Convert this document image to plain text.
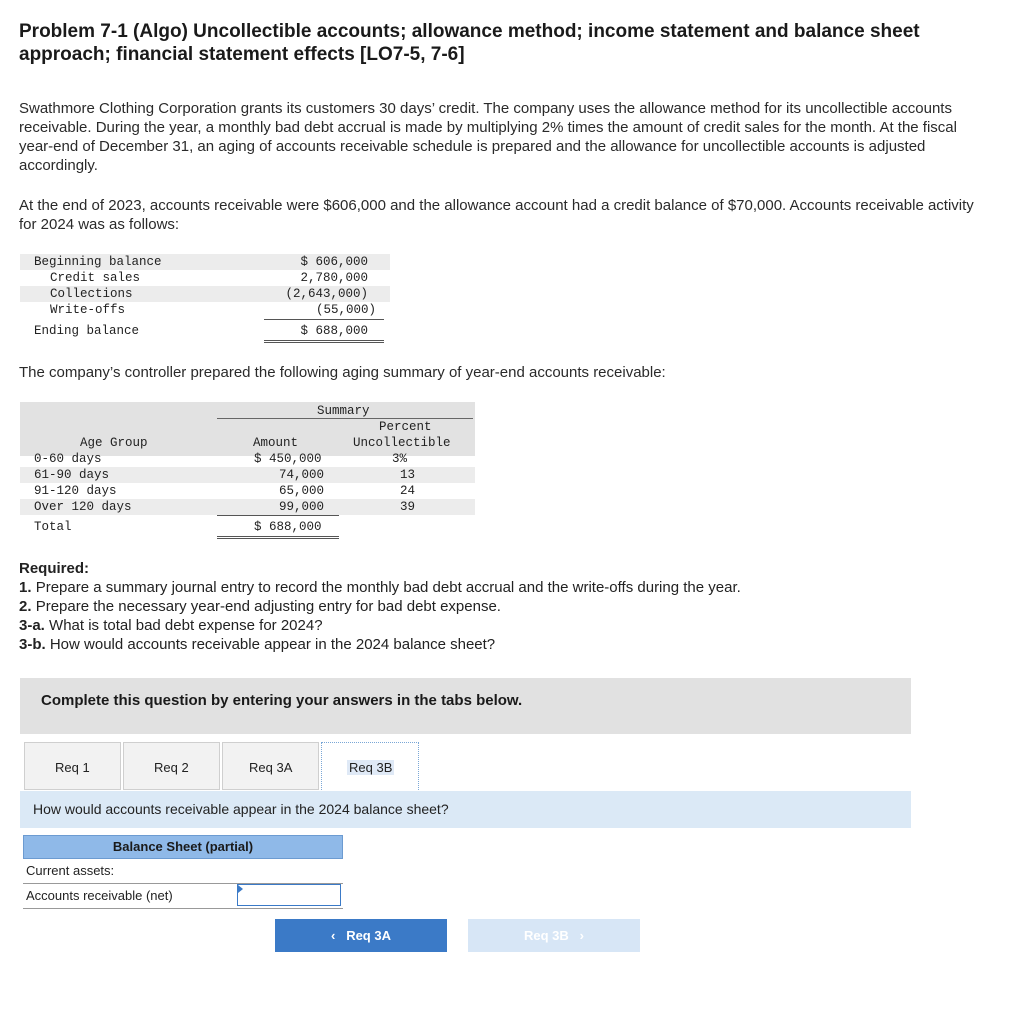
Problem 7-1 (Algo) Uncollectible accounts; allowance method; income statement and balance sheet approach; financial statement effects [LO7-5, 7-6]
Swathmore Clothing Corporation grants its customers 30 days’ credit. The company uses the allowance method for its uncollectible accounts receivable. During the year, a monthly bad debt accrual is made by multiplying 2% times the amount of credit sales for the month. At the fiscal year-end of December 31, an aging of accounts receivable schedule is prepared and the allowance for uncollectible accounts is adjusted accordingly.
At the end of 2023, accounts receivable were $606,000 and the allowance account had a credit balance of $70,000. Accounts receivable activity for 2024 was as follows:
Beginning balance	$ 606,000
Credit sales	2,780,000
Collections	(2,643,000)
Write-offs	(55,000)
Ending balance	$ 688,000
The company’s controller prepared the following aging summary of year-end accounts receivable:
Summary
Percent
Age Group	Amount	Uncollectible
0-60 days	$ 450,000	3%
61-90 days	74,000	13
91-120 days	65,000	24
Over 120 days	99,000	39
Total	$ 688,000
Required:
1. Prepare a summary journal entry to record the monthly bad debt accrual and the write-offs during the year.
2. Prepare the necessary year-end adjusting entry for bad debt expense.
3-a. What is total bad debt expense for 2024?
3-b. How would accounts receivable appear in the 2024 balance sheet?
Complete this question by entering your answers in the tabs below.
Req 1	Req 2	Req 3A	Req 3B
How would accounts receivable appear in the 2024 balance sheet?
Balance Sheet (partial)
Current assets:
Accounts receivable (net)
‹ Req 3A	Req 3B ›
